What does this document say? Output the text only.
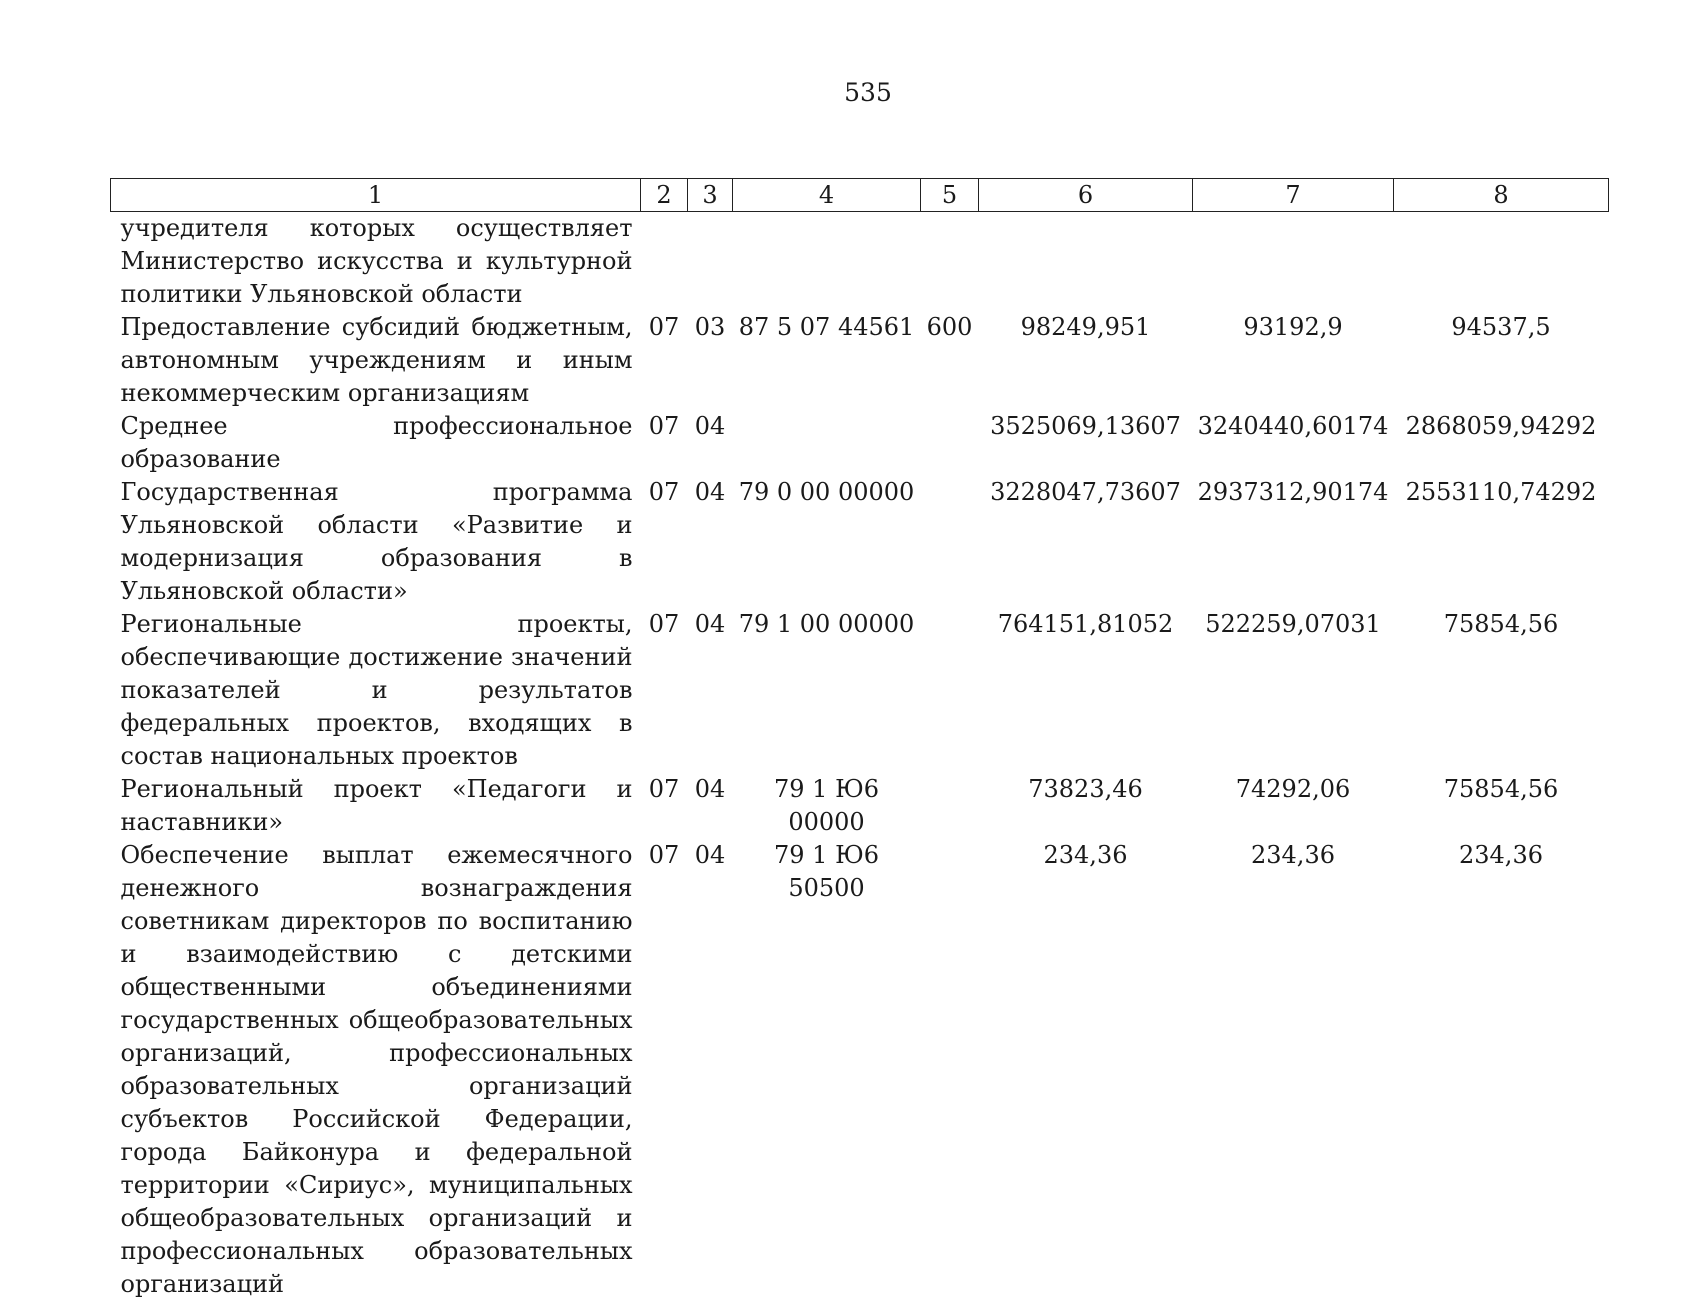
535
1	2	3	4	5	6	7	8
учредителя которых осуществляет Министерство искусства и культурной политики Ульяновской области							
Предоставление субсидий бюджетным, автономным учреждениям и иным некоммерческим организациям	07	03	87 5 07 44561	600	98249,951	93192,9	94537,5
Среднее профессиональное образование	07	04			3525069,13607	3240440,60174	2868059,94292
Государственная программа Ульяновской области «Развитие и модернизация образования в Ульяновской области»	07	04	79 0 00 00000		3228047,73607	2937312,90174	2553110,74292
Региональные проекты, обеспечивающие достижение значений показателей и результатов федеральных проектов, входящих в состав национальных проектов	07	04	79 1 00 00000		764151,81052	522259,07031	75854,56
Региональный проект «Педагоги и наставники»	07	04	79 1 Ю6 00000		73823,46	74292,06	75854,56
Обеспечение выплат ежемесячного денежного вознаграждения советникам директоров по воспитанию и взаимодействию с детскими общественными объединениями государственных общеобразовательных организаций, профессиональных образовательных организаций субъектов Российской Федерации, города Байконура и федеральной территории «Сириус», муниципальных общеобразовательных организаций и профессиональных образовательных организаций	07	04	79 1 Ю6 50500		234,36	234,36	234,36
